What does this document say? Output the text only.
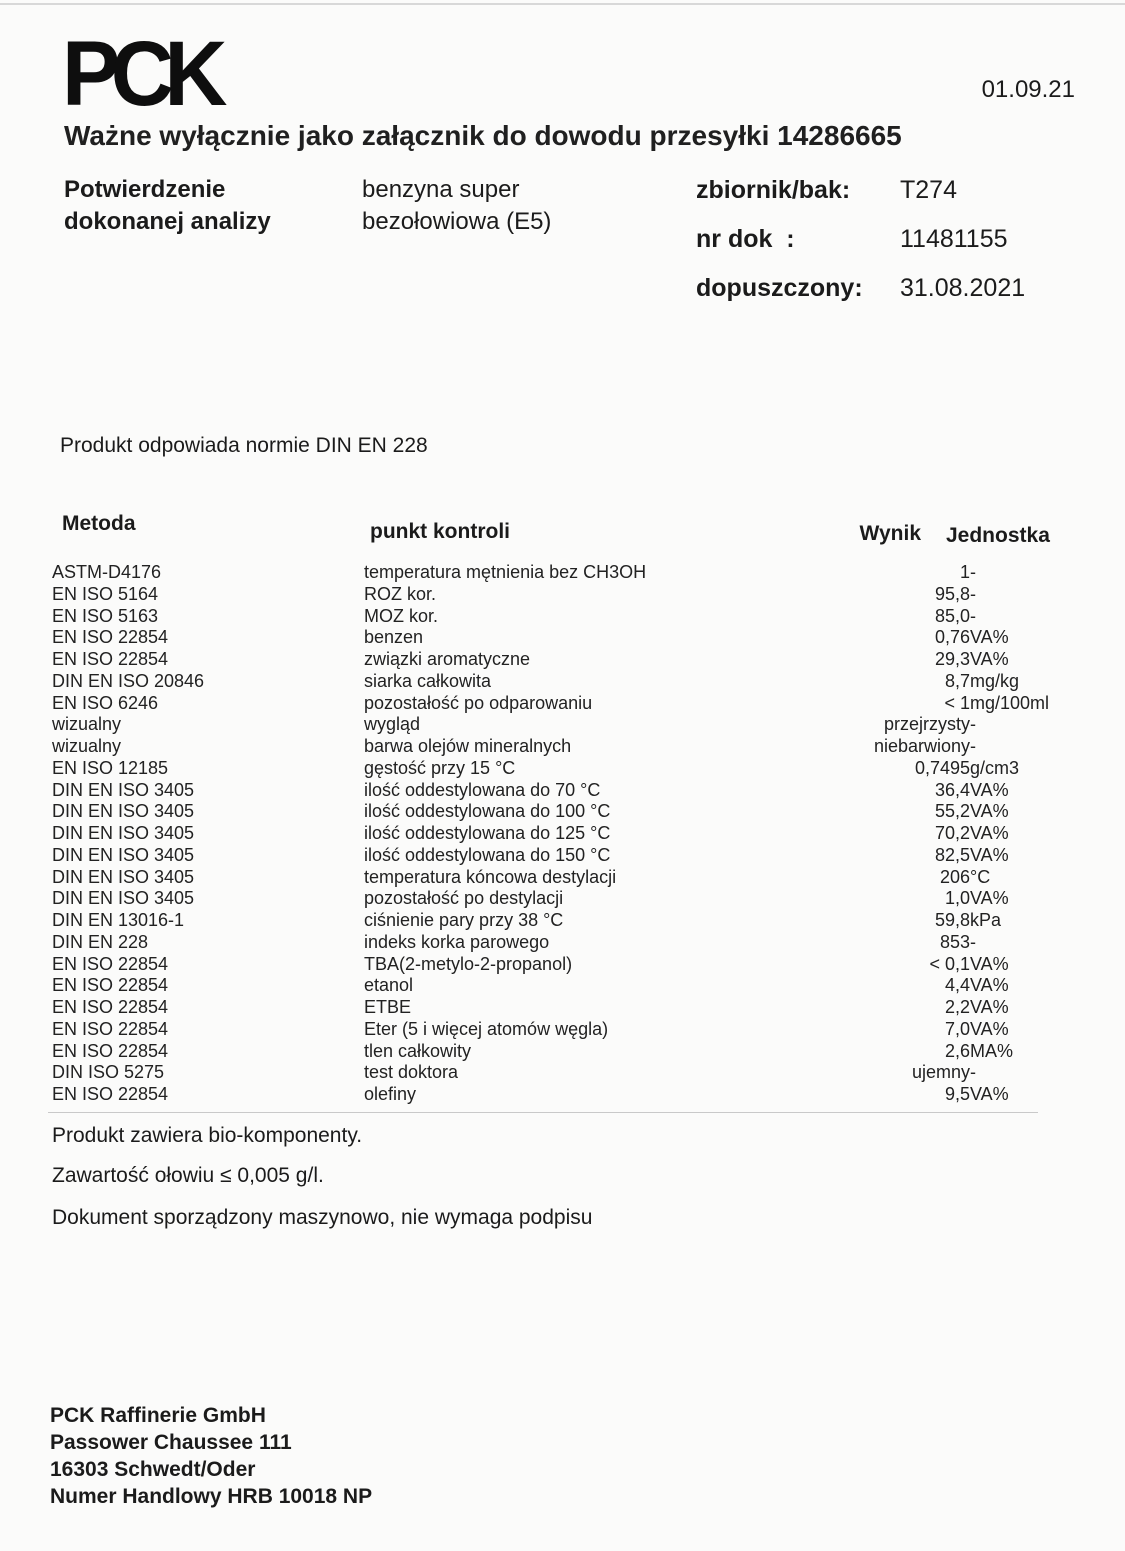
PCK	01.09.21
Ważne wyłącznie jako załącznik do dowodu przesyłki 14286665
Potwierdzenie
dokonanej analizy
benzyna super
bezołowiowa (E5)
zbiornik/bak:	T274
nr dok  :	11481155
dopuszczony:	31.08.2021
Produkt odpowiada normie DIN EN 228
Metoda	punkt kontroli	Wynik Jednostka
ASTM-D4176	temperatura mętnienia bez CH3OH	1	-
EN ISO 5164	ROZ kor.	95,8	-
EN ISO 5163	MOZ kor.	85,0	-
EN ISO 22854	benzen	0,76	VA%
EN ISO 22854	związki aromatyczne	29,3	VA%
DIN EN ISO 20846	siarka całkowita	8,7	mg/kg
EN ISO 6246	pozostałość po odparowaniu	< 1	mg/100ml
wizualny	wygląd	przejrzysty	-
wizualny	barwa olejów mineralnych	niebarwiony	-
EN ISO 12185	gęstość przy 15 °C	0,7495	g/cm3
DIN EN ISO 3405	ilość oddestylowana do 70 °C	36,4	VA%
DIN EN ISO 3405	ilość oddestylowana do 100 °C	55,2	VA%
DIN EN ISO 3405	ilość oddestylowana do 125 °C	70,2	VA%
DIN EN ISO 3405	ilość oddestylowana do 150 °C	82,5	VA%
DIN EN ISO 3405	temperatura kóncowa destylacji	206	°C
DIN EN ISO 3405	pozostałość po destylacji	1,0	VA%
DIN EN 13016-1	ciśnienie pary przy 38 °C	59,8	kPa
DIN EN 228	indeks korka parowego	853	-
EN ISO 22854	TBA(2-metylo-2-propanol)	< 0,1	VA%
EN ISO 22854	etanol	4,4	VA%
EN ISO 22854	ETBE	2,2	VA%
EN ISO 22854	Eter (5 i więcej atomów węgla)	7,0	VA%
EN ISO 22854	tlen całkowity	2,6	MA%
DIN ISO 5275	test doktora	ujemny	-
EN ISO 22854	olefiny	9,5	VA%
Produkt zawiera bio-komponenty.
Zawartość ołowiu ≤ 0,005 g/l.
Dokument sporządzony maszynowo, nie wymaga podpisu
PCK Raffinerie GmbH
Passower Chaussee 111
16303 Schwedt/Oder
Numer Handlowy HRB 10018 NP
